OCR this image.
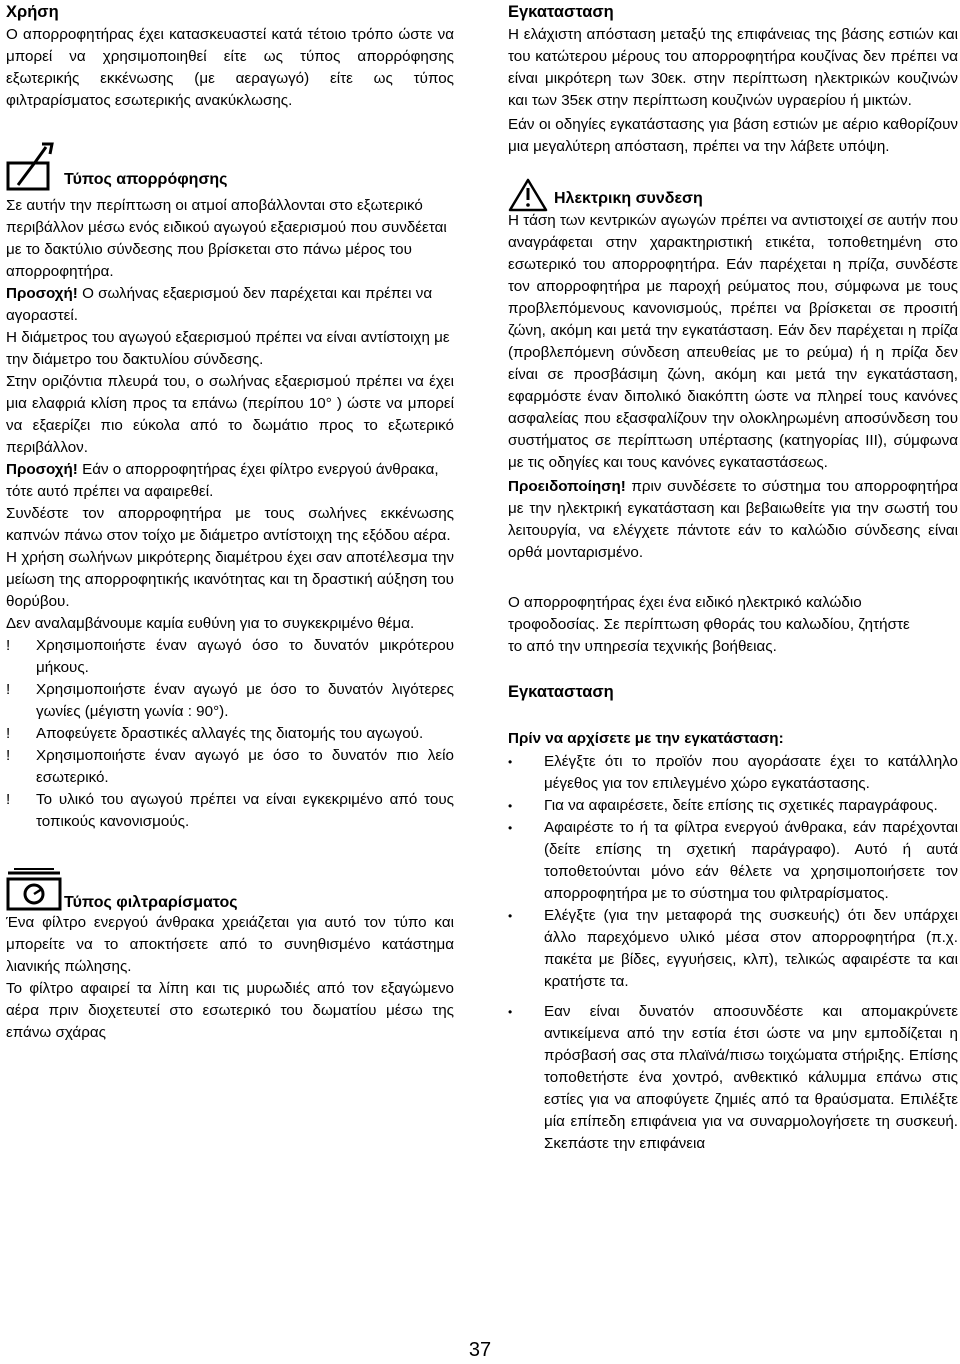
Χρήση

Ο απορροφητήρας έχει κατασκευαστεί κατά τέτοιο τρόπο ώστε να μπορεί να χρησιμοποιηθεί είτε ως τύπος απορρόφησης εξωτερικής εκκένωσης (με αεραγωγό) είτε ως τύπος φιλτραρίσματος εσωτερικής ανακύκλωσης.

Τύπος απορρόφησης

Σε αυτήν την περίπτωση οι ατμοί αποβάλλονται στο εξωτερικό περιβάλλον μέσω ενός ειδικού αγωγού εξαερισμού που συνδέεται με το δακτύλιο σύνδεσης που βρίσκεται στο πάνω μέρος του απορροφητήρα.

Προσοχή! Ο σωλήνας εξαερισμού δεν παρέχεται και πρέπει να αγοραστεί.

Η διάμετρος του αγωγού εξαερισμού πρέπει να είναι αντίστοιχη με την διάμετρο του δακτυλίου σύνδεσης.

Στην οριζόντια πλευρά του, ο σωλήνας εξαερισμού πρέπει να έχει μια ελαφριά κλίση προς τα επάνω (περίπου 10° ) ώστε να μπορεί να εξαερίζει πιο εύκολα από το δωμάτιο προς το εξωτερικό περιβάλλον.

Προσοχή! Εάν ο απορροφητήρας έχει φίλτρο ενεργού άνθρακα, τότε αυτό πρέπει να αφαιρεθεί.

Συνδέστε τον απορροφητήρα με τους σωλήνες εκκένωσης καπνών πάνω στον τοίχο με διάμετρο αντίστοιχη της εξόδου αέρα.

Η χρήση σωλήνων μικρότερης διαμέτρου έχει σαν αποτέλεσμα την μείωση της απορροφητικής ικανότητας και τη δραστική αύξηση του θορύβου.

Δεν αναλαμβάνουμε καμία ευθύνη για το συγκεκριμένο θέμα.

!	Χρησιμοποιήστε έναν αγωγό όσο το δυνατόν μικρότερου μήκους.
!	Χρησιμοποιήστε έναν αγωγό με όσο το δυνατόν λιγότερες γωνίες (μέγιστη γωνία : 90°).
!	Αποφεύγετε δραστικές αλλαγές της διατομής του αγωγού.
!	Χρησιμοποιήστε έναν αγωγό με όσο το δυνατόν πιο λείο εσωτερικό.
!	Το υλικό του αγωγού πρέπει να είναι εγκεκριμένο από τους τοπικούς κανονισμούς.
Τύπος φιλτραρίσματος

Ένα φίλτρο ενεργού άνθρακα χρειάζεται για αυτό τον τύπο και μπορείτε να το αποκτήσετε από το συνηθισμένο κατάστημα λιανικής πώλησης.

Το φίλτρο αφαιρεί τα λίπη και τις μυρωδιές από τον εξαγώμενο αέρα πριν διοχετευτεί στο εσωτερικό του δωματίου μέσω της επάνω σχάρας

Εγκατασταση

Η ελάχιστη απόσταση μεταξύ της επιφάνειας της βάσης εστιών και του κατώτερου μέρους του απορροφητήρα κουζίνας δεν πρέπει να είναι μικρότερη των 30εκ. στην περίπτωση ηλεκτρικών κουζινών και των 35εκ στην περίπτωση κουζινών υγραερίου ή μικτών.

Εάν οι οδηγίες εγκατάστασης για βάση εστιών με αέριο καθορίζουν μια μεγαλύτερη απόσταση, πρέπει να την λάβετε υπόψη.

Ηλεκτρικη συνδεση

Η τάση των κεντρικών αγωγών πρέπει να αντιστοιχεί σε αυτήν που αναγράφεται στην χαρακτηριστική ετικέτα, τοποθετημένη στο εσωτερικό του απορροφητήρα. Εάν παρέχεται η πρίζα, συνδέστε τον απορροφητήρα με παροχή ρεύματος που, σύμφωνα με τους προβλεπόμενους κανονισμούς, πρέπει να βρίσκεται σε προσιτή ζώνη, ακόμη και μετά την εγκατάσταση. Εάν δεν παρέχεται η πρίζα (προβλεπόμενη σύνδεση απευθείας με το ρεύμα) ή η πρίζα δεν είναι σε προσβάσιμη ζώνη, ακόμη και μετά την εγκατάσταση, εφαρμόστε έναν διπολικό διακόπτη ώστε να πληρεί τους κανόνες ασφαλείας που εξασφαλίζουν την ολοκληρωμένη αποσύνδεση του συστήματος σε περίπτωση υπέρτασης (κατηγορίας ΙΙΙ), σύμφωνα με τις οδηγίες και τους κανόνες εγκαταστάσεως.

Προειδοποίηση! πριν συνδέσετε το σύστημα του απορροφητήρα με την ηλεκτρική εγκατάσταση και βεβαιωθείτε για την σωστή του λειτουργία, να ελέγχετε πάντοτε εάν το καλώδιο σύνδεσης είναι ορθά μονταρισμένο.

Ο απορροφητήρας έχει ένα ειδικό ηλεκτρικό καλώδιο τροφοδοσίας. Σε περίπτωση φθοράς του καλωδίου, ζητήστε το από την υπηρεσία τεχνικής βοήθειας.

Εγκατασταση

Πρίν να αρχίσετε με την εγκατάσταση:

•	Ελέγξτε ότι το προϊόν που αγοράσατε έχει το κατάλληλο μέγεθος για τον επιλεγμένο χώρο εγκατάστασης.
•	Για να αφαιρέσετε, δείτε επίσης τις σχετικές παραγράφους.
•	Αφαιρέστε το ή τα φίλτρα ενεργού άνθρακα, εάν παρέχονται (δείτε επίσης τη σχετική παράγραφο). Αυτό ή αυτά τοποθετούνται μόνο εάν θέλετε να χρησιμοποιήσετε τον απορροφητήρα με το σύστημα του φιλτραρίσματος.
•	Ελέγξτε (για την μεταφορά της συσκευής) ότι δεν υπάρχει άλλο παρεχόμενο υλικό μέσα στον απορροφητήρα (π.χ. πακέτα με βίδες, εγγυήσεις, κλπ), τελικώς αφαιρέστε τα και κρατήστε τα.
•	Εαν είναι δυνατόν αποσυνδέστε και απομακρύνετε αντικείμενα από την εστία έτσι ώστε να μην εμποδίζεται η πρόσβασή σας στα πλαϊνά/πισω τοιχώματα στήριξης. Επίσης τοποθετήστε ένα χοντρό, ανθεκτικό κάλυμμα επάνω στις εστίες για να αποφύγετε ζημιές από τα θραύσματα. Επιλέξτε μία επίπεδη επιφάνεια για να συναρμολογήσετε τη συσκευή. Σκεπάστε την επιφάνεια
37
